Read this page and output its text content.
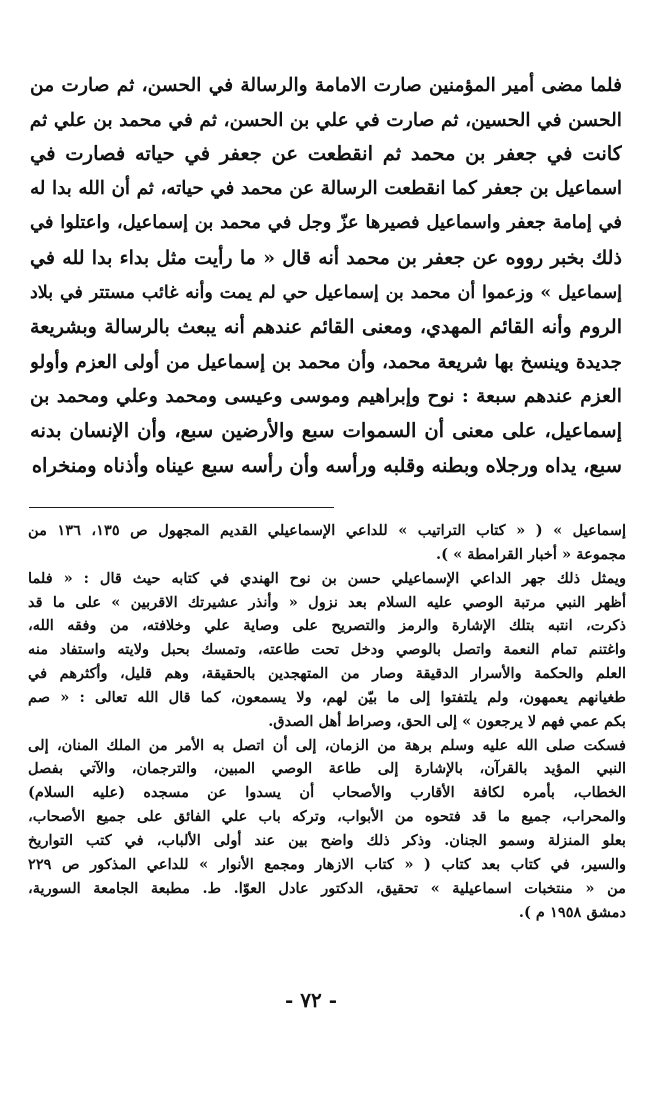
فلما مضى أمير المؤمنين صارت الامامة والرسالة في الحسن، ثم صارت من
الحسن في الحسين، ثم صارت في علي بن الحسن، ثم في محمد بن علي ثم
كانت في جعفر بن محمد ثم انقطعت عن جعفر في حياته فصارت في
اسماعيل بن جعفر كما انقطعت الرسالة عن محمد في حياته، ثم أن الله بدا له
في إمامة جعفر واسماعيل فصيرها عزّ وجل في محمد بن إسماعيل، واعتلوا في
ذلك بخبر رووه عن جعفر بن محمد أنه قال « ما رأيت مثل بداء بدا لله في
إسماعيل » وزعموا أن محمد بن إسماعيل حي لم يمت وأنه غائب مستتر في بلاد
الروم وأنه القائم المهدي، ومعنى القائم عندهم أنه يبعث بالرسالة وبشريعة
جديدة وينسخ بها شريعة محمد، وأن محمد بن إسماعيل من أولى العزم وأولو
العزم عندهم سبعة : نوح وإبراهيم وموسى وعيسى ومحمد وعلي ومحمد بن
إسماعيل، على معنى أن السموات سبع والأرضين سبع، وأن الإنسان بدنه
سبع، يداه ورجلاه وبطنه وقلبه ورأسه وأن رأسه سبع عيناه وأذناه ومنخراه
إسماعيل » ( « كتاب التراتيب » للداعي الإسماعيلي القديم المجهول ص ١٣٥، ١٣٦ من
مجموعة « أخبار القرامطة » ).
ويمثل ذلك جهر الداعي الإسماعيلي حسن بن نوح الهندي في كتابه حيث قال : « فلما
أظهر النبي مرتبة الوصي عليه السلام بعد نزول « وأنذر عشيرتك الاقربين » على ما قد
ذكرت، انتبه بتلك الإشارة والرمز والتصريح على وصاية علي وخلافته، من وفقه الله،
واغتنم تمام النعمة واتصل بالوصي ودخل تحت طاعته، وتمسك بحبل ولايته واستفاد منه
العلم والحكمة والأسرار الدقيقة وصار من المتهجدين بالحقيقة، وهم قليل، وأكثرهم في
طغيانهم يعمهون، ولم يلتفتوا إلى ما بيّن لهم، ولا يسمعون، كما قال الله تعالى : « صم
بكم عمي فهم لا يرجعون » إلى الحق، وصراط أهل الصدق.
فسكت صلى الله عليه وسلم برهة من الزمان، إلى أن اتصل به الأمر من الملك المنان، إلى
النبي المؤيد بالقرآن، بالإشارة إلى طاعة الوصي المبين، والترجمان، والآتي بفصل
الخطاب، بأمره لكافة الأقارب والأصحاب أن يسدوا عن مسجده (عليه السلام)
والمحراب، جميع ما قد فتحوه من الأبواب، وتركه باب علي الفائق على جميع الأصحاب،
بعلو المنزلة وسمو الجنان. وذكر ذلك واضح بين عند أولى الألباب، في كتب التواريخ
والسير، في كتاب بعد كتاب ( « كتاب الازهار ومجمع الأنوار » للداعي المذكور ص ٢٢٩
من « منتخبات اسماعيلية » تحقيق، الدكتور عادل العوّا. ط. مطبعة الجامعة السورية،
دمشق ١٩٥٨ م ).
- ٧٢ -
